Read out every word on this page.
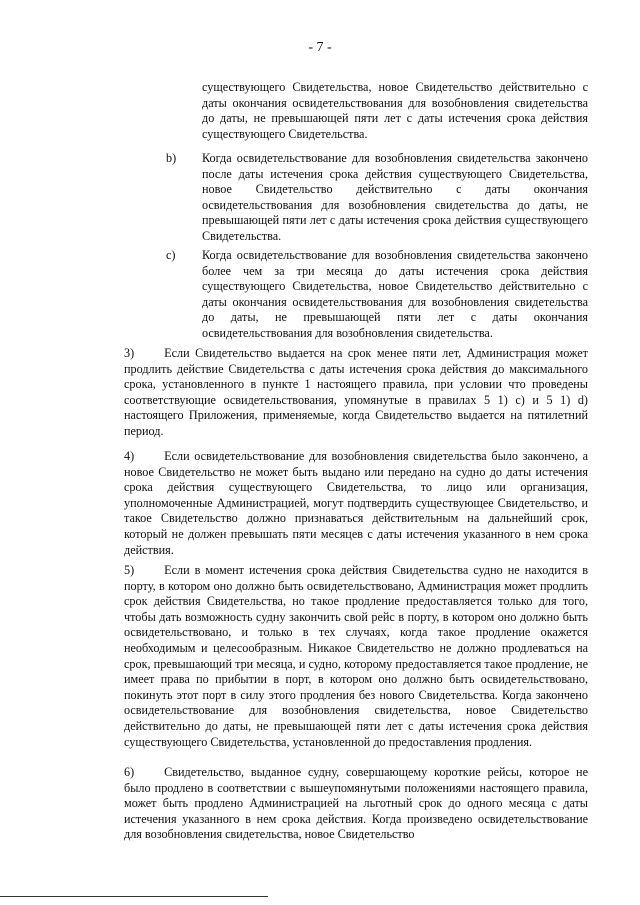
- 7 -

существующего Свидетельства, новое Свидетельство действительно с даты окончания освидетельствования для возобновления свидетельства до даты, не превышающей пяти лет с даты истечения срока действия существующего Свидетельства.

b) Когда освидетельствование для возобновления свидетельства закончено после даты истечения срока действия существующего Свидетельства, новое Свидетельство действительно с даты окончания освидетельствования для возобновления свидетельства до даты, не превышающей пяти лет с даты истечения срока действия существующего Свидетельства.

c) Когда освидетельствование для возобновления свидетельства закончено более чем за три месяца до даты истечения срока действия существующего Свидетельства, новое Свидетельство действительно с даты окончания освидетельствования для возобновления свидетельства до даты, не превышающей пяти лет с даты окончания освидетельствования для возобновления свидетельства.

3) Если Свидетельство выдается на срок менее пяти лет, Администрация может продлить действие Свидетельства с даты истечения срока действия до максимального срока, установленного в пункте 1 настоящего правила, при условии что проведены соответствующие освидетельствования, упомянутые в правилах 5 1) c) и 5 1) d) настоящего Приложения, применяемые, когда Свидетельство выдается на пятилетний период.

4) Если освидетельствование для возобновления свидетельства было закончено, а новое Свидетельство не может быть выдано или передано на судно до даты истечения срока действия существующего Свидетельства, то лицо или организация, уполномоченные Администрацией, могут подтвердить существующее Свидетельство, и такое Свидетельство должно признаваться действительным на дальнейший срок, который не должен превышать пяти месяцев с даты истечения указанного в нем срока действия.

5) Если в момент истечения срока действия Свидетельства судно не находится в порту, в котором оно должно быть освидетельствовано, Администрация может продлить срок действия Свидетельства, но такое продление предоставляется только для того, чтобы дать возможность судну закончить свой рейс в порту, в котором оно должно быть освидетельствовано, и только в тех случаях, когда такое продление окажется необходимым и целесообразным. Никакое Свидетельство не должно продлеваться на срок, превышающий три месяца, и судно, которому предоставляется такое продление, не имеет права по прибытии в порт, в котором оно должно быть освидетельствовано, покинуть этот порт в силу этого продления без нового Свидетельства. Когда закончено освидетельствование для возобновления свидетельства, новое Свидетельство действительно до даты, не превышающей пяти лет с даты истечения срока действия существующего Свидетельства, установленной до предоставления продления.

6) Свидетельство, выданное судну, совершающему короткие рейсы, которое не было продлено в соответствии с вышеупомянутыми положениями настоящего правила, может быть продлено Администрацией на льготный срок до одного месяца с даты истечения указанного в нем срока действия. Когда произведено освидетельствование для возобновления свидетельства, новое Свидетельство
